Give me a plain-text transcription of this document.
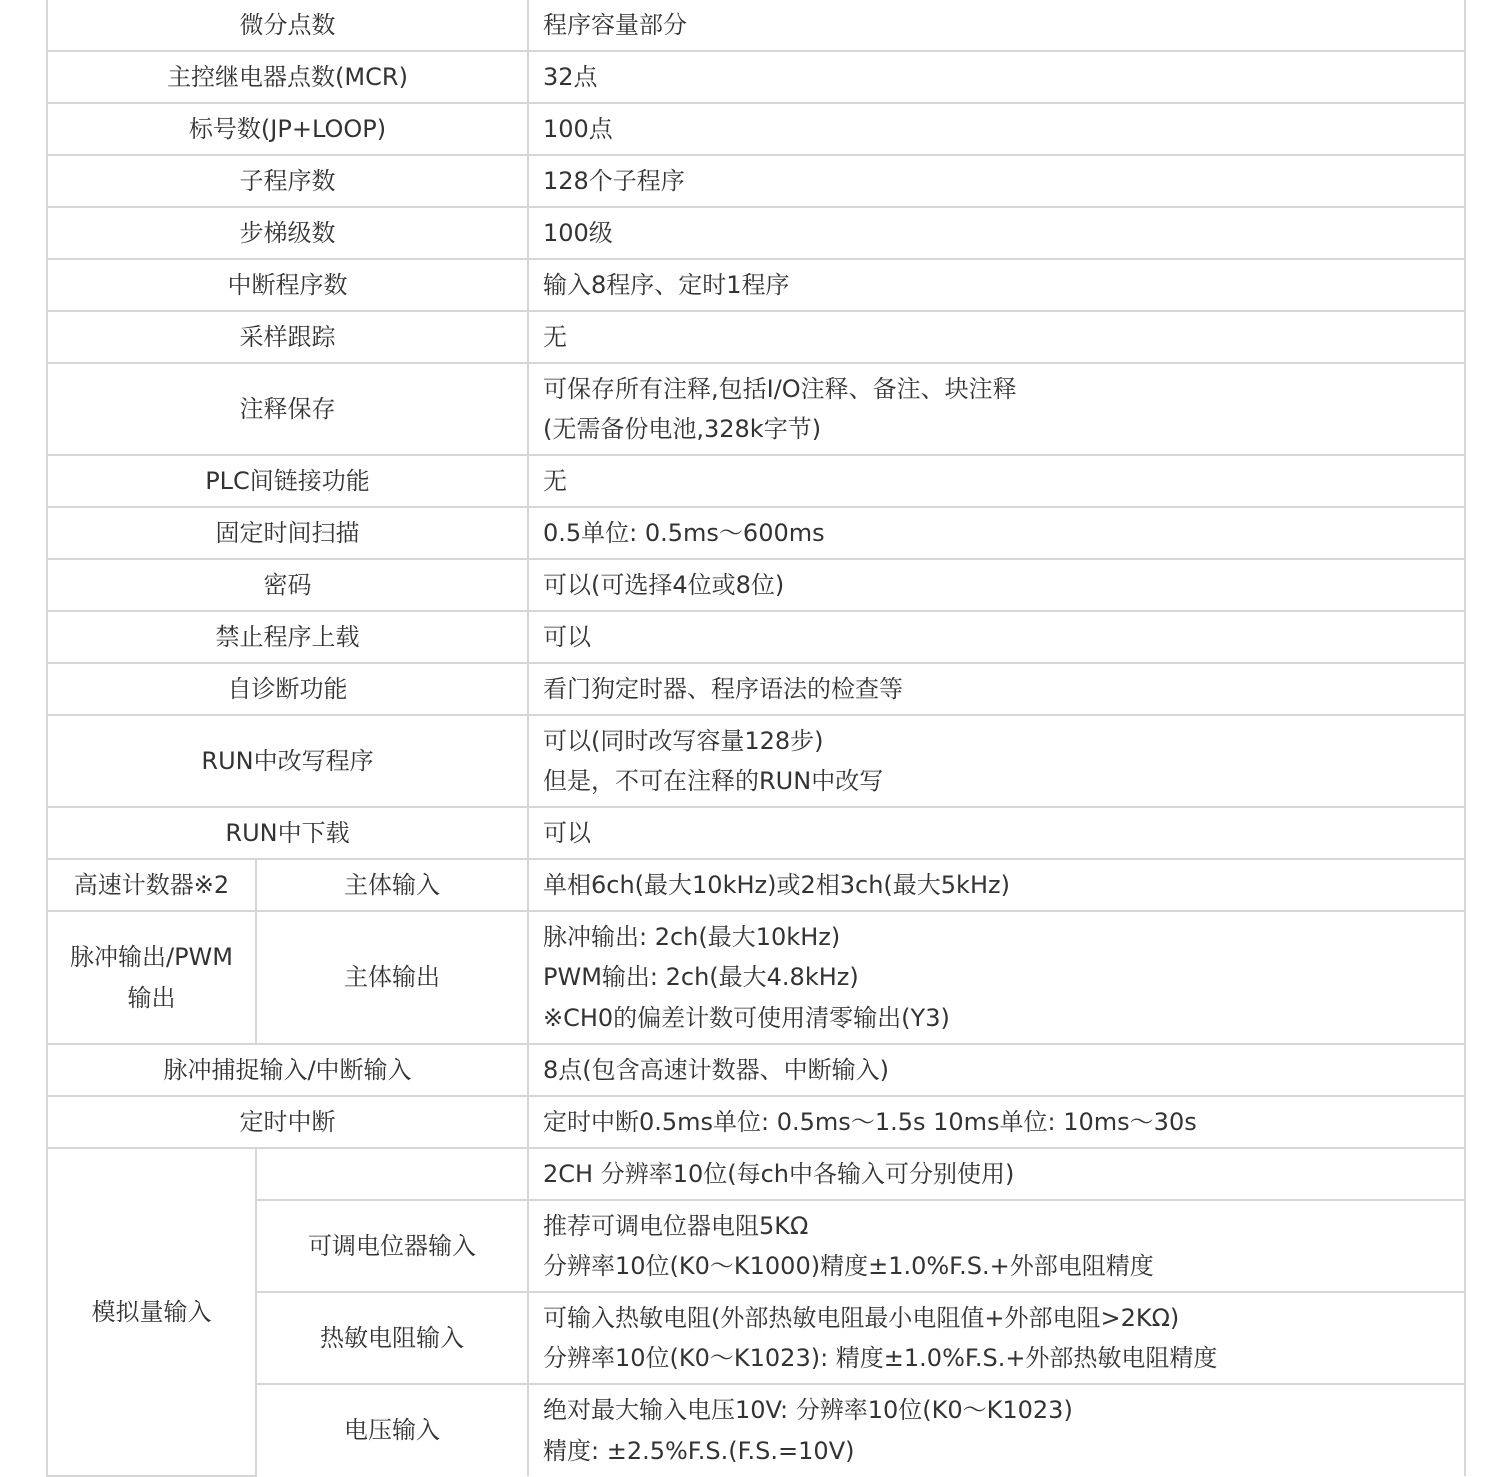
微分点数		程序容量部分
主控继电器点数(MCR)		32点
标号数(JP+LOOP)		100点
子程序数		128个子程序
步梯级数		100级
中断程序数		输入8程序、定时1程序
采样跟踪		无
注释保存		可保存所有注释,包括I/O注释、备注、块注释
(无需备份电池,328k字节)

PLC间链接功能		无
固定时间扫描		0.5单位: 0.5ms～600ms
密码		可以(可选择4位或8位)
禁止程序上载		可以
自诊断功能		看门狗定时器、程序语法的检查等
RUN中改写程序		可以(同时改写容量128步)
但是，不可在注释的RUN中改写

RUN中下载		可以
高速计数器※2	主体输入	单相6ch(最大10kHz)或2相3ch(最大5kHz)

脉冲输出/PWM
输出	主体输出	脉冲输出: 2ch(最大10kHz)
PWM输出: 2ch(最大4.8kHz)
※CH0的偏差计数可使用清零输出(Y3)

脉冲捕捉输入/中断输入		8点(包含高速计数器、中断输入)
定时中断		定时中断0.5ms单位: 0.5ms～1.5s 10ms单位: 10ms～30s
模拟量输入		2CH 分辨率10位(每ch中各输入可分别使用)
	可调电位器输入	推荐可调电位器电阻5KΩ
分辨率10位(K0～K1000)精度±1.0%F.S.+外部电阻精度

	热敏电阻输入	可输入热敏电阻(外部热敏电阻最小电阻值+外部电阻>2KΩ)
分辨率10位(K0～K1023): 精度±1.0%F.S.+外部热敏电阻精度

	电压输入	绝对最大输入电压10V: 分辨率10位(K0～K1023)
精度: ±2.5%F.S.(F.S.=10V)
